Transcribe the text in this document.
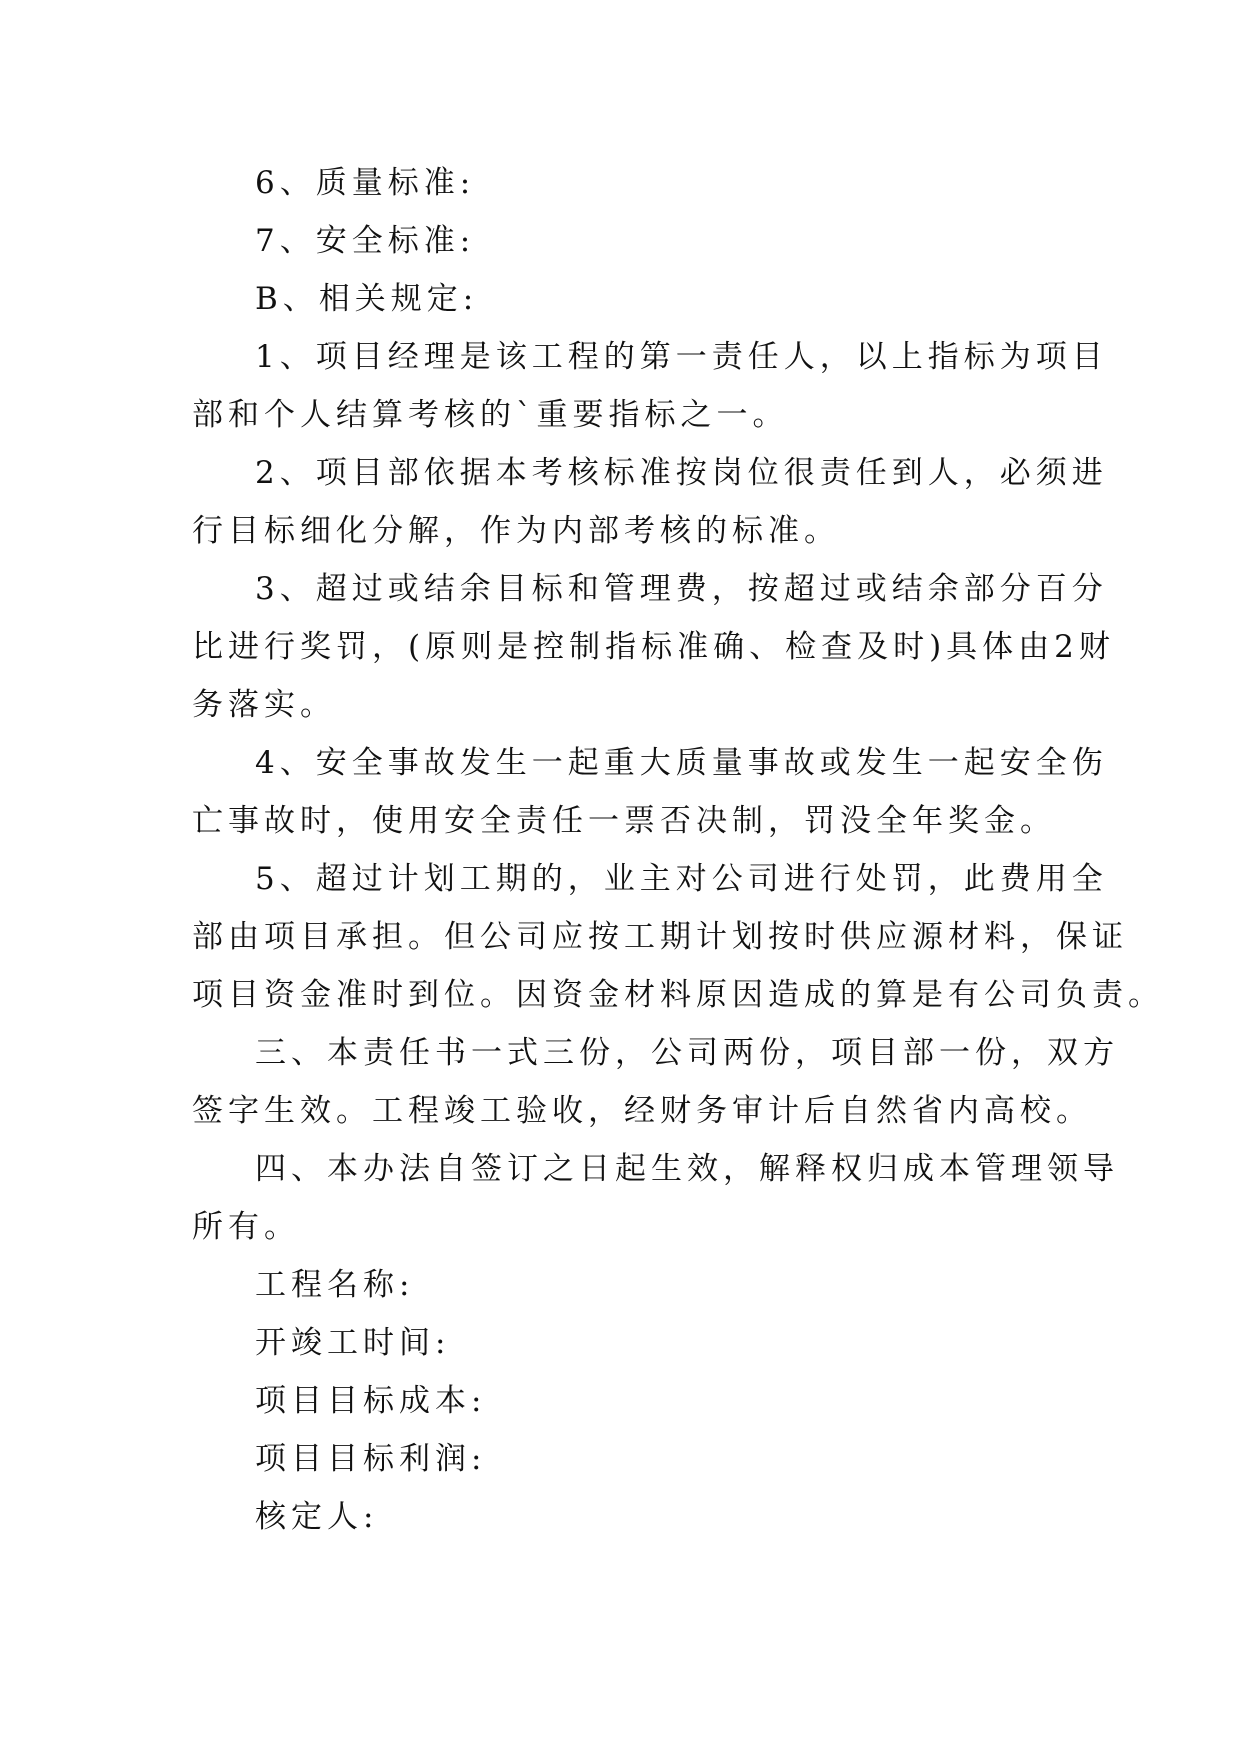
6、质量标准:
7、安全标准:
B、相关规定:
1、项目经理是该工程的第一责任人，以上指标为项目
部和个人结算考核的`重要指标之一。
2、项目部依据本考核标准按岗位很责任到人，必须进
行目标细化分解，作为内部考核的标准。
3、超过或结余目标和管理费，按超过或结余部分百分
比进行奖罚，(原则是控制指标准确、检查及时)具体由2财
务落实。
4、安全事故发生一起重大质量事故或发生一起安全伤
亡事故时，使用安全责任一票否决制，罚没全年奖金。
5、超过计划工期的，业主对公司进行处罚，此费用全
部由项目承担。但公司应按工期计划按时供应源材料，保证
项目资金准时到位。因资金材料原因造成的算是有公司负责。
三、本责任书一式三份，公司两份，项目部一份，双方
签字生效。工程竣工验收，经财务审计后自然省内高校。
四、本办法自签订之日起生效，解释权归成本管理领导
所有。
工程名称:
开竣工时间:
项目目标成本:
项目目标利润:
核定人:
